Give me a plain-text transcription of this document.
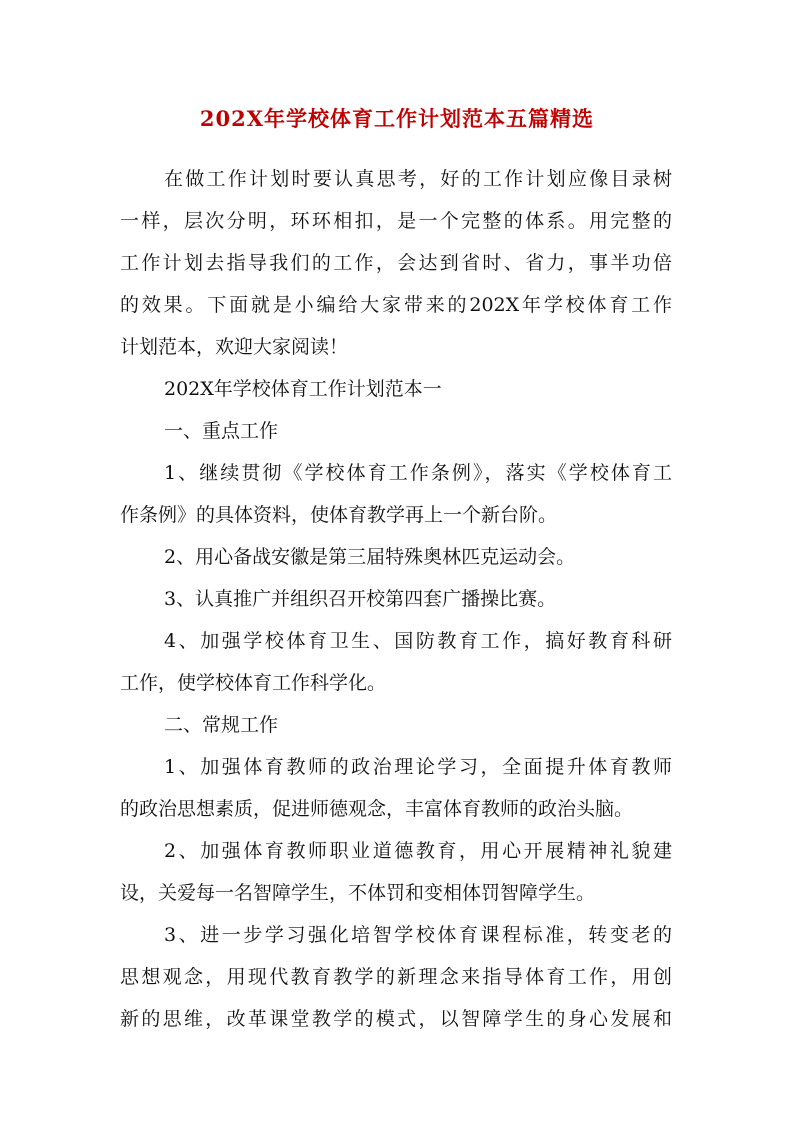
202X年学校体育工作计划范本五篇精选
在做工作计划时要认真思考，好的工作计划应像目录树
一样，层次分明，环环相扣，是一个完整的体系。用完整的
工作计划去指导我们的工作，会达到省时、省力，事半功倍
的效果。下面就是小编给大家带来的202X年学校体育工作
计划范本，欢迎大家阅读！
202X年学校体育工作计划范本一
一、重点工作
1、继续贯彻《学校体育工作条例》，落实《学校体育工
作条例》的具体资料，使体育教学再上一个新台阶。
2、用心备战安徽是第三届特殊奥林匹克运动会。
3、认真推广并组织召开校第四套广播操比赛。
4、加强学校体育卫生、国防教育工作，搞好教育科研
工作，使学校体育工作科学化。
二、常规工作
1、加强体育教师的政治理论学习，全面提升体育教师
的政治思想素质，促进师德观念，丰富体育教师的政治头脑。
2、加强体育教师职业道德教育，用心开展精神礼貌建
设，关爱每一名智障学生，不体罚和变相体罚智障学生。
3、进一步学习强化培智学校体育课程标准，转变老的
思想观念，用现代教育教学的新理念来指导体育工作，用创
新的思维，改革课堂教学的模式，以智障学生的身心发展和
